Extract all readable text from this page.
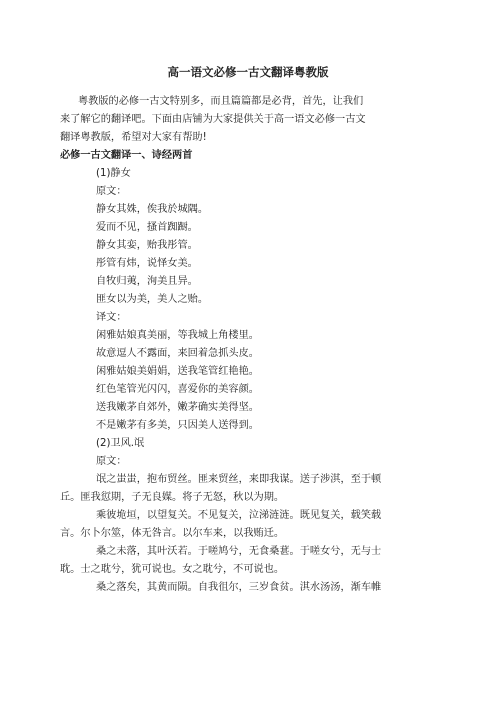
高一语文必修一古文翻译粤教版
粤教版的必修一古文特别多，而且篇篇都是必背，首先，让我们
来了解它的翻译吧。下面由店铺为大家提供关于高一语文必修一古文
翻译粤教版，希望对大家有帮助!
必修一古文翻译一、诗经两首
(1)静女
原文：
静女其姝，俟我於城隅。
爱而不见，搔首踟蹰。
静女其娈，贻我彤管。
彤管有炜，说怿女美。
自牧归荑，洵美且异。
匪女以为美，美人之贻。
译文：
闲雅姑娘真美丽，等我城上角楼里。
故意逗人不露面，来回着急抓头皮。
闲雅姑娘美娟娟，送我笔管红艳艳。
红色笔管光闪闪，喜爱你的美容颜。
送我嫩茅自郊外，嫩茅确实美得坚。
不是嫩茅有多美，只因美人送得到。
(2)卫风.氓
原文：
氓之蚩蚩，抱布贸丝。匪来贸丝，来即我谋。送子涉淇，至于顿
丘。匪我愆期，子无良媒。将子无怒，秋以为期。
乘彼垝垣，以望复关。不见复关，泣涕涟涟。既见复关，载笑载
言。尔卜尔筮，体无咎言。以尔车来，以我贿迁。
桑之未落，其叶沃若。于嗟鸠兮，无食桑葚。于嗟女兮，无与士
耽。士之耽兮，犹可说也。女之耽兮，不可说也。
桑之落矣，其黄而陨。自我徂尔，三岁食贫。淇水汤汤，渐车帷
